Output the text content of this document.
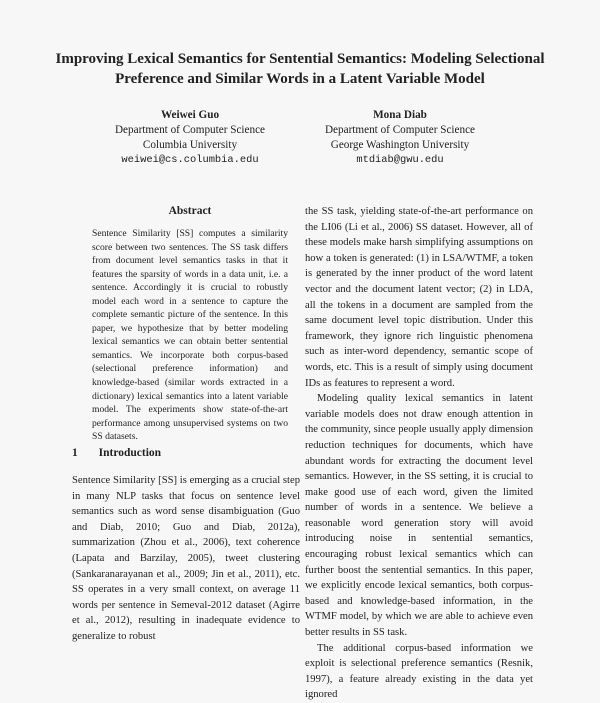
Improving Lexical Semantics for Sentential Semantics: Modeling Selectional
Preference and Similar Words in a Latent Variable Model
Weiwei Guo
Department of Computer Science
Columbia University
weiwei@cs.columbia.edu
Mona Diab
Department of Computer Science
George Washington University
mtdiab@gwu.edu
Abstract

Sentence Similarity [SS] computes a similarity score between two sentences. The SS task differs from document level semantics tasks in that it features the sparsity of words in a data unit, i.e. a sentence. Accordingly it is crucial to robustly model each word in a sentence to capture the complete semantic picture of the sentence. In this paper, we hypothesize that by better modeling lexical semantics we can obtain better sentential semantics. We incorporate both corpus-based (selectional preference information) and knowledge-based (similar words extracted in a dictionary) lexical semantics into a latent variable model. The experiments show state-of-the-art performance among unsupervised systems on two SS datasets.

1 Introduction

Sentence Similarity [SS] is emerging as a crucial step in many NLP tasks that focus on sentence level semantics such as word sense disambiguation (Guo and Diab, 2010; Guo and Diab, 2012a), summarization (Zhou et al., 2006), text coherence (Lapata and Barzilay, 2005), tweet clustering (Sankaranarayanan et al., 2009; Jin et al., 2011), etc. SS operates in a very small context, on average 11 words per sentence in Semeval-2012 dataset (Agirre et al., 2012), resulting in inadequate evidence to generalize to robust

the SS task, yielding state-of-the-art performance on the LI06 (Li et al., 2006) SS dataset. However, all of these models make harsh simplifying assumptions on how a token is generated: (1) in LSA/WTMF, a token is generated by the inner product of the word latent vector and the document latent vector; (2) in LDA, all the tokens in a document are sampled from the same document level topic distribution. Under this framework, they ignore rich linguistic phenomena such as inter-word dependency, semantic scope of words, etc. This is a result of simply using document IDs as features to represent a word.

Modeling quality lexical semantics in latent variable models does not draw enough attention in the community, since people usually apply dimension reduction techniques for documents, which have abundant words for extracting the document level semantics. However, in the SS setting, it is crucial to make good use of each word, given the limited number of words in a sentence. We believe a reasonable word generation story will avoid introducing noise in sentential semantics, encouraging robust lexical semantics which can further boost the sentential semantics. In this paper, we explicitly encode lexical semantics, both corpus-based and knowledge-based information, in the WTMF model, by which we are able to achieve even better results in SS task.

The additional corpus-based information we exploit is selectional preference semantics (Resnik, 1997), a feature already existing in the data yet ignored
